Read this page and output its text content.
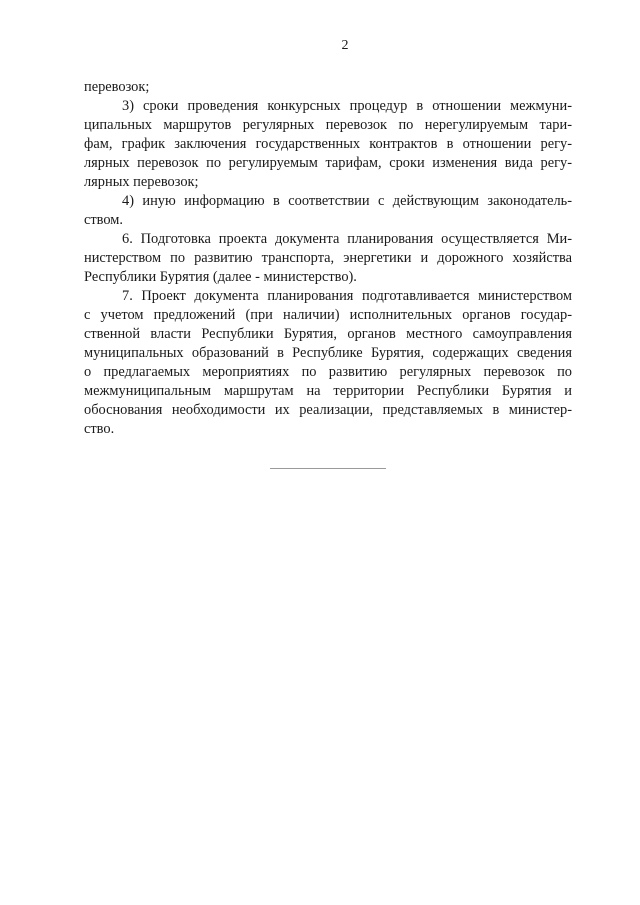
2
перевозок;
3) сроки проведения конкурсных процедур в отношении межмуни-
ципальных маршрутов регулярных перевозок по нерегулируемым тари-
фам, график заключения государственных контрактов в отношении регу-
лярных перевозок по регулируемым тарифам, сроки изменения вида регу-
лярных перевозок;
4) иную информацию в соответствии с действующим законодатель-
ством.
6. Подготовка проекта документа планирования осуществляется Ми-
нистерством по развитию транспорта, энергетики и дорожного хозяйства
Республики Бурятия (далее - министерство).
7. Проект документа планирования подготавливается министерством
с учетом предложений (при наличии) исполнительных органов государ-
ственной власти Республики Бурятия, органов местного самоуправления
муниципальных образований в Республике Бурятия, содержащих сведения
о предлагаемых мероприятиях по развитию регулярных перевозок по
межмуниципальным маршрутам на территории Республики Бурятия и
обоснования необходимости их реализации, представляемых в министер-
ство.
